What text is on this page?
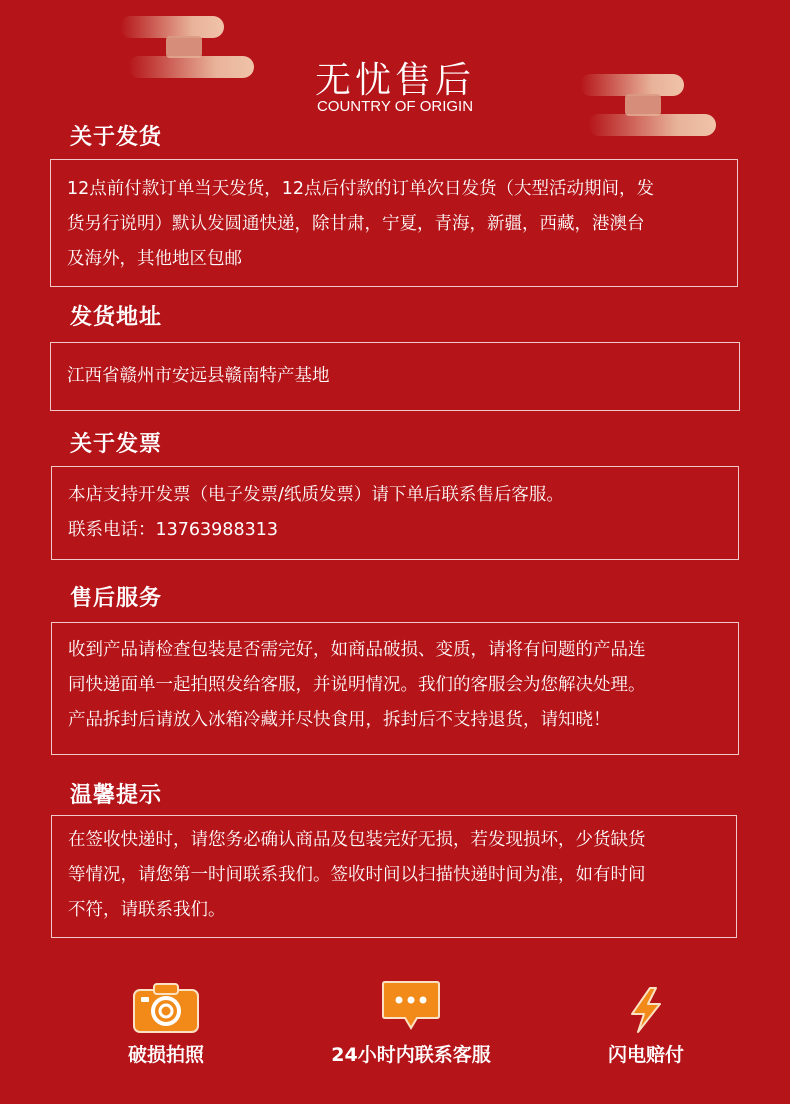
无忧售后
COUNTRY OF ORIGIN
关于发货

12点前付款订单当天发货，12点后付款的订单次日发货（大型活动期间，发

货另行说明）默认发圆通快递，除甘肃，宁夏，青海，新疆，西藏，港澳台

及海外，其他地区包邮

发货地址

江西省赣州市安远县赣南特产基地

关于发票

本店支持开发票（电子发票/纸质发票）请下单后联系售后客服。

联系电话：13763988313

售后服务

收到产品请检查包装是否需完好，如商品破损、变质，请将有问题的产品连

同快递面单一起拍照发给客服，并说明情况。我们的客服会为您解决处理。

产品拆封后请放入冰箱冷藏并尽快食用，拆封后不支持退货，请知晓！

温馨提示

在签收快递时，请您务必确认商品及包装完好无损，若发现损坏，少货缺货

等情况，请您第一时间联系我们。签收时间以扫描快递时间为准，如有时间

不符，请联系我们。

破损拍照	24小时内联系客服	闪电赔付
